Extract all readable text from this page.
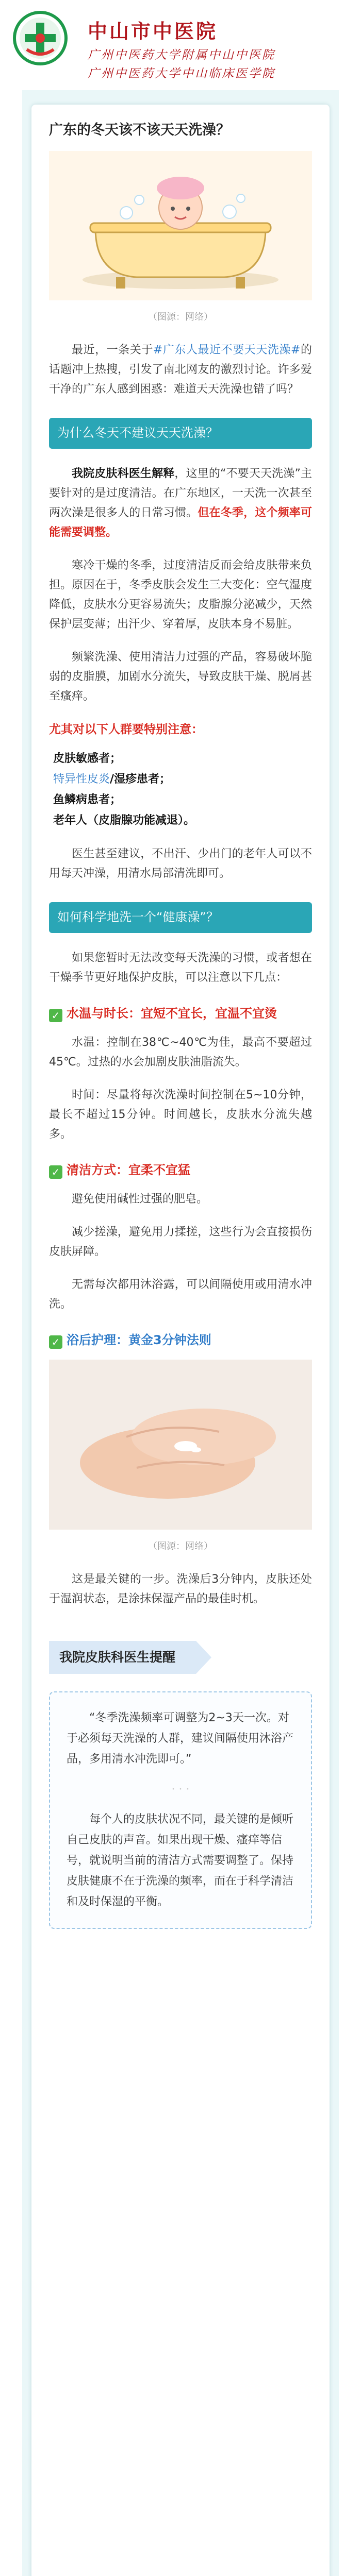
中山市中医院
广州中医药大学附属中山中医院
广州中医药大学中山临床医学院
广东的冬天该不该天天洗澡？
（图源：网络）

最近，一条关于#广东人最近不要天天洗澡#的话题冲上热搜，引发了南北网友的激烈讨论。许多爱干净的广东人感到困惑：难道天天洗澡也错了吗？

为什么冬天不建议天天洗澡？

我院皮肤科医生解释，这里的“不要天天洗澡”主要针对的是过度清洁。在广东地区，一天洗一次甚至两次澡是很多人的日常习惯。但在冬季，这个频率可能需要调整。

寒冷干燥的冬季，过度清洁反而会给皮肤带来负担。原因在于，冬季皮肤会发生三大变化：空气湿度降低，皮肤水分更容易流失；皮脂腺分泌减少，天然保护层变薄；出汗少、穿着厚，皮肤本身不易脏。

频繁洗澡、使用清洁力过强的产品，容易破坏脆弱的皮脂膜，加剧水分流失，导致皮肤干燥、脱屑甚至瘙痒。

尤其对以下人群要特别注意：

皮肤敏感者；

特异性皮炎/湿疹患者；

鱼鳞病患者；

老年人（皮脂腺功能减退）。

医生甚至建议，不出汗、少出门的老年人可以不用每天冲澡，用清水局部清洗即可。

如何科学地洗一个“健康澡”？

如果您暂时无法改变每天洗澡的习惯，或者想在干燥季节更好地保护皮肤，可以注意以下几点：

✓ 水温与时长：宜短不宜长，宜温不宜烫

水温：控制在38℃~40℃为佳，最高不要超过45℃。过热的水会加剧皮肤油脂流失。

时间：尽量将每次洗澡时间控制在5~10分钟，最长不超过15分钟。时间越长，皮肤水分流失越多。

✓ 清洁方式：宜柔不宜猛

避免使用碱性过强的肥皂。

减少搓澡，避免用力揉搓，这些行为会直接损伤皮肤屏障。

无需每次都用沐浴露，可以间隔使用或用清水冲洗。

✓ 浴后护理：黄金3分钟法则
（图源：网络）

这是最关键的一步。洗澡后3分钟内，皮肤还处于湿润状态，是涂抹保湿产品的最佳时机。

我院皮肤科医生提醒

“冬季洗澡频率可调整为2~3天一次。对于必须每天洗澡的人群，建议间隔使用沐浴产品，多用清水冲洗即可。”

· · ·

每个人的皮肤状况不同，最关键的是倾听自己皮肤的声音。如果出现干燥、瘙痒等信号，就说明当前的清洁方式需要调整了。保持皮肤健康不在于洗澡的频率，而在于科学清洁和及时保湿的平衡。
